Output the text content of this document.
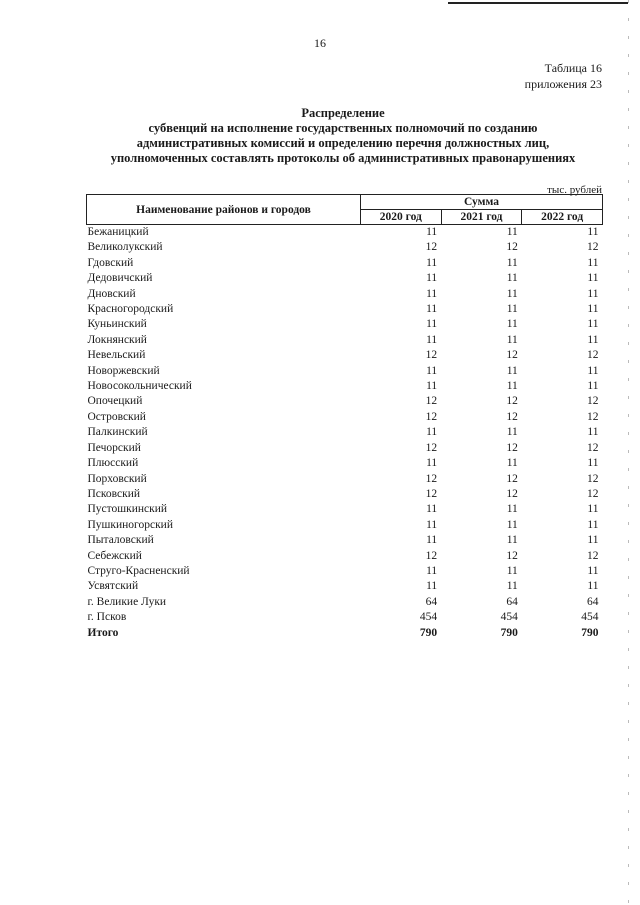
16
Таблица 16
приложения 23
Распределение
субвенций на исполнение государственных полномочий по созданию
административных комиссий и определению перечня должностных лиц,
уполномоченных составлять протоколы об административных правонарушениях
тыс. рублей
Наименование районов и городов	Сумма		
	2020 год	2021 год	2022 год
Бежаницкий	11	11	11
Великолукский	12	12	12
Гдовский	11	11	11
Дедовичский	11	11	11
Дновский	11	11	11
Красногородский	11	11	11
Куньинский	11	11	11
Локнянский	11	11	11
Невельский	12	12	12
Новоржевский	11	11	11
Новосокольнический	11	11	11
Опочецкий	12	12	12
Островский	12	12	12
Палкинский	11	11	11
Печорский	12	12	12
Плюсский	11	11	11
Порховский	12	12	12
Псковский	12	12	12
Пустошкинский	11	11	11
Пушкиногорский	11	11	11
Пыталовский	11	11	11
Себежский	12	12	12
Струго-Красненский	11	11	11
Усвятский	11	11	11
г. Великие Луки	64	64	64
г. Псков	454	454	454
Итого	790	790	790
